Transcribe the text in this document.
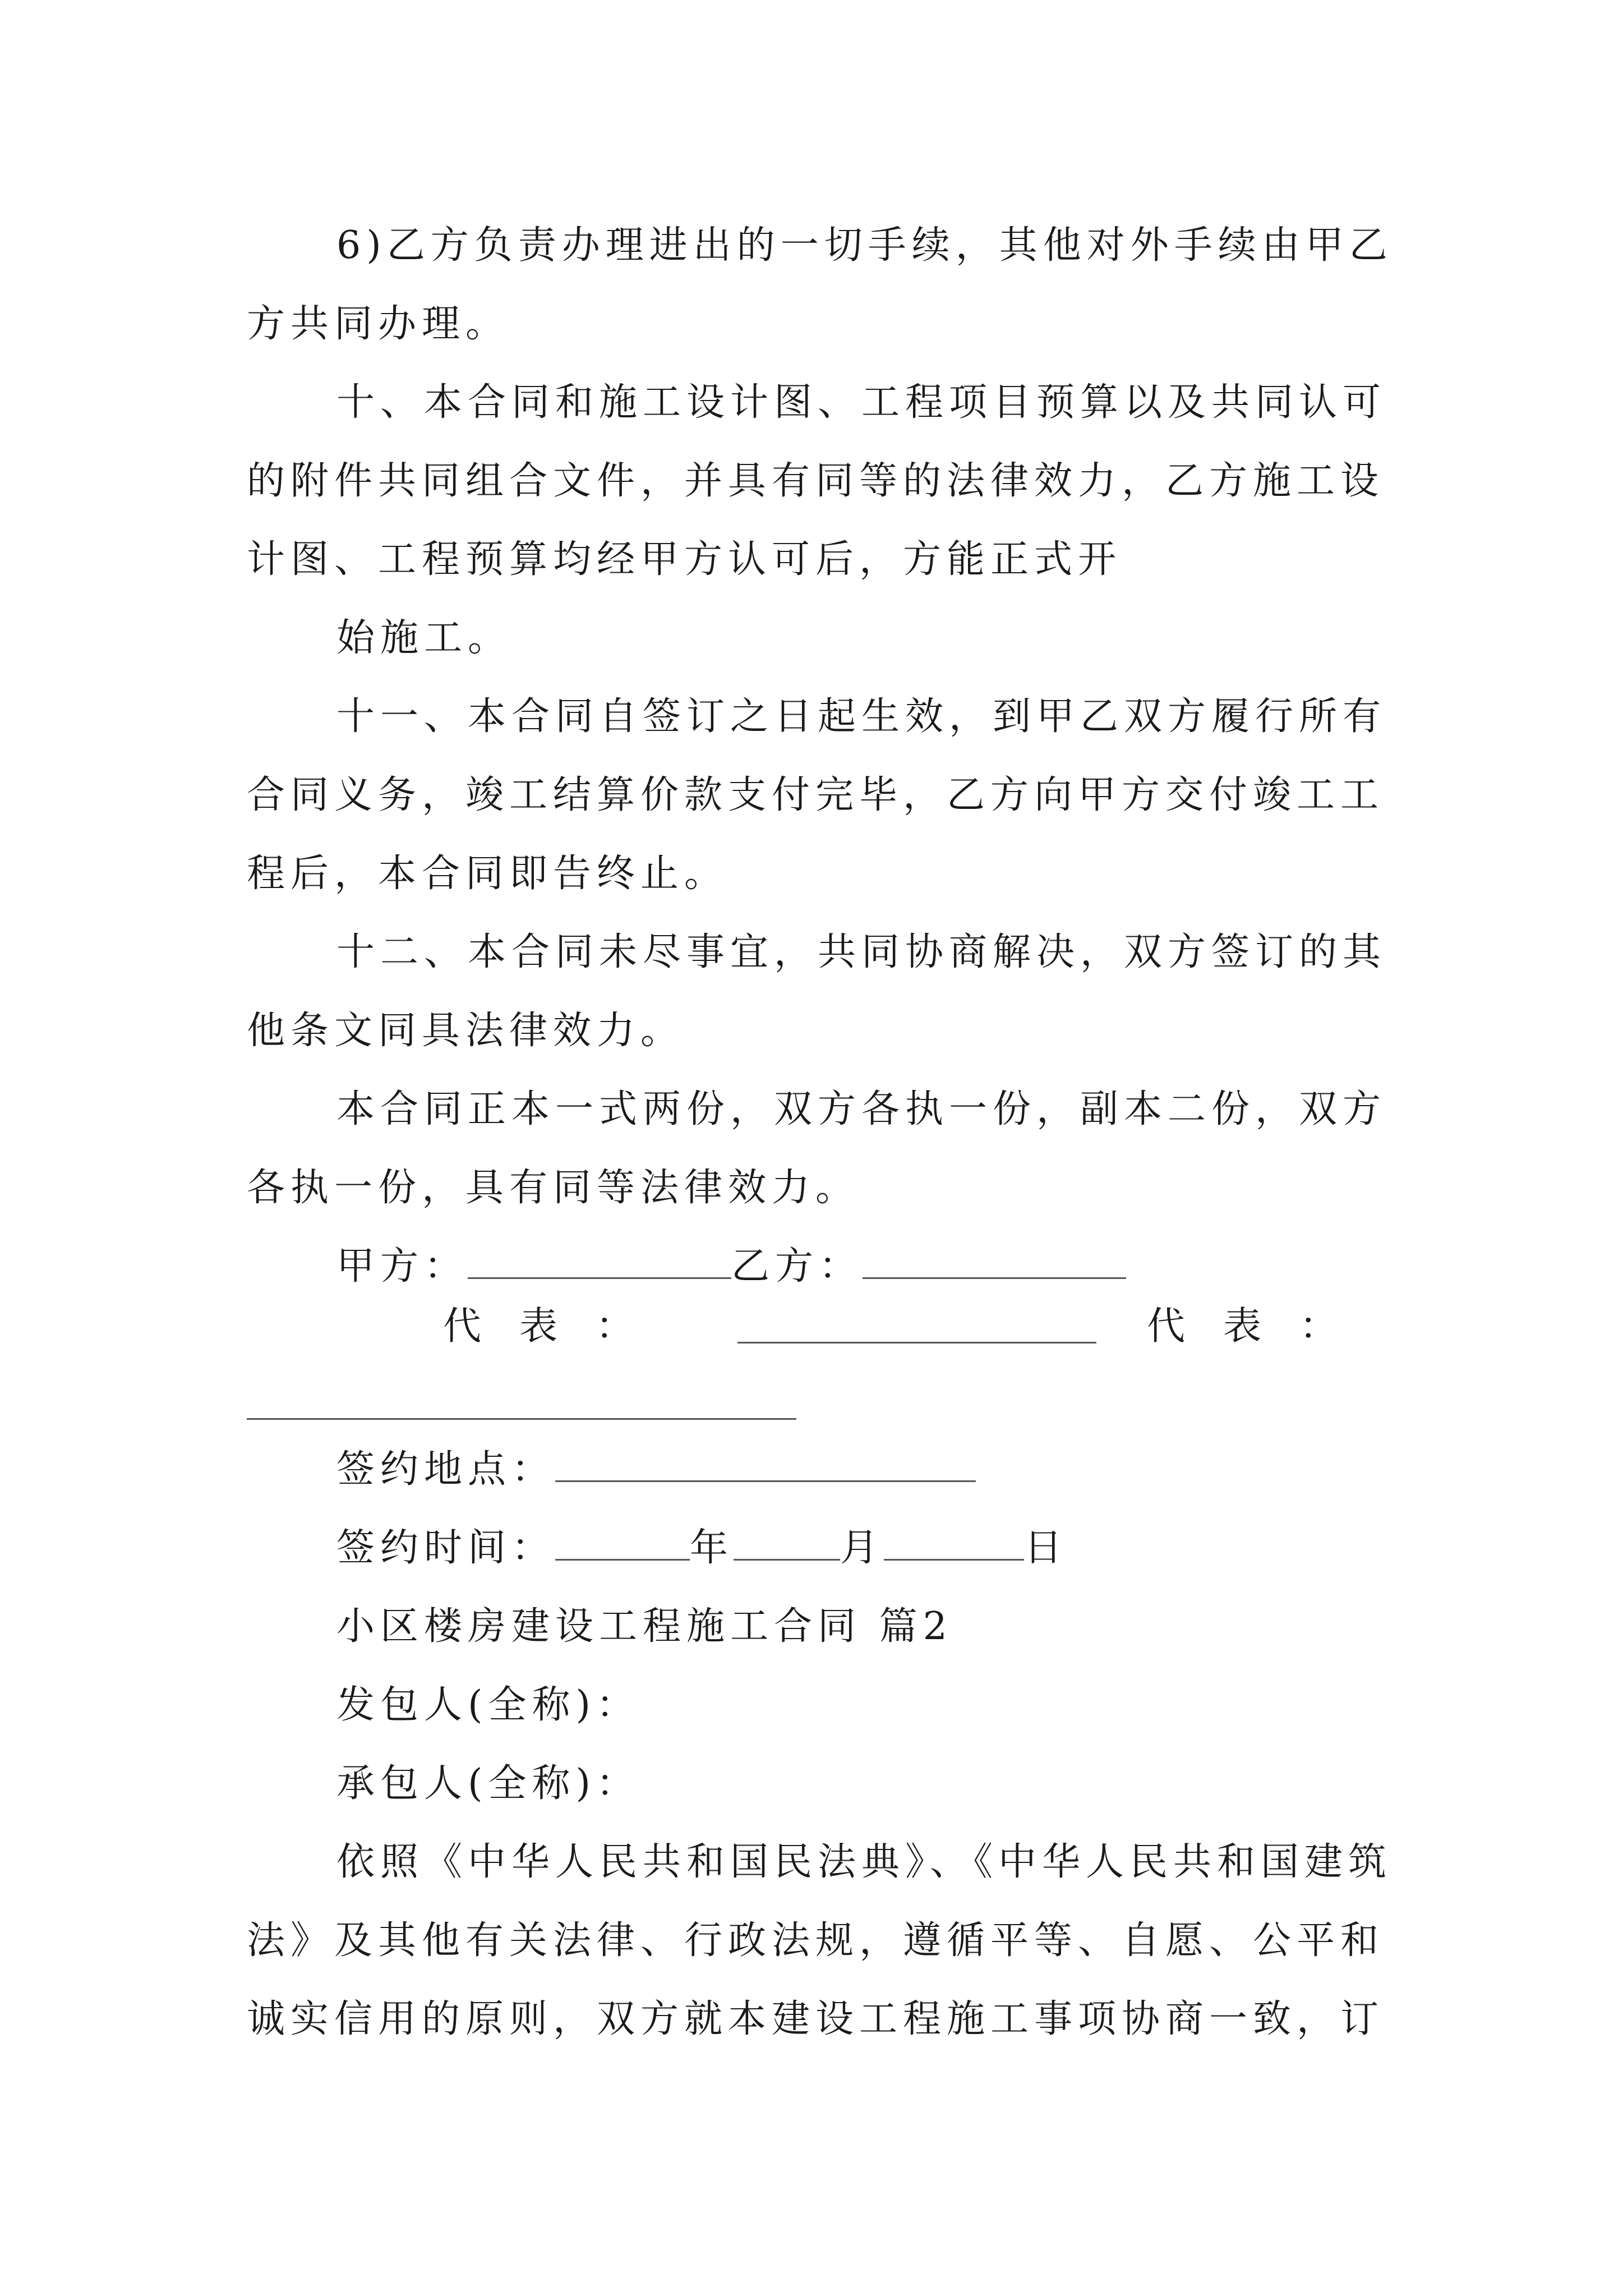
6)乙方负责办理进出的一切手续，其他对外手续由甲乙
方共同办理。
十、本合同和施工设计图、工程项目预算以及共同认可
的附件共同组合文件，并具有同等的法律效力，乙方施工设
计图、工程预算均经甲方认可后，方能正式开
始施工。
十一、本合同自签订之日起生效，到甲乙双方履行所有
合同义务，竣工结算价款支付完毕，乙方向甲方交付竣工工
程后，本合同即告终止。
十二、本合同未尽事宜，共同协商解决，双方签订的其
他条文同具法律效力。
本合同正本一式两份，双方各执一份，副本二份，双方
各执一份，具有同等法律效力。
甲方：	乙方：
代　表　：	代　表　：
签约地点：
签约时间：	年	月	日
小区楼房建设工程施工合同 篇2
发包人(全称)：
承包人(全称)：
依照《中华人民共和国民法典》、《中华人民共和国建筑
法》及其他有关法律、行政法规，遵循平等、自愿、公平和
诚实信用的原则，双方就本建设工程施工事项协商一致，订
